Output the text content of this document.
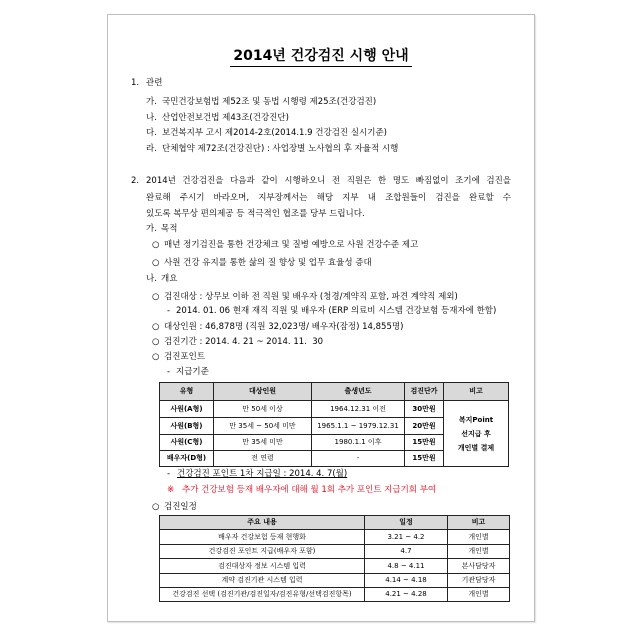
2014년 건강검진 시행 안내
1. 관련
가. 국민건강보험법 제52조 및 동법 시행령 제25조(건강검진)
나. 산업안전보건법 제43조(건강진단)
다. 보건복지부 고시 제2014-2호(2014.1.9 건강검진 실시기준)
라. 단체협약 제72조(건강진단) : 사업장별 노사협의 후 자율적 시행
2. 2014년 건강검진을 다음과 같이 시행하오니 전 직원은 한 명도 빠짐없이 조기에 검진을
완료해 주시기 바라오며, 지부장께서는 해당 지부 내 조합원들이 검진을 완료할 수
있도록 복무상 편의제공 등 적극적인 협조를 당부 드립니다.
가. 목적
○ 매년 정기검진을 통한 건강체크 및 질병 예방으로 사원 건강수준 제고
○ 사원 건강 유지를 통한 삶의 질 향상 및 업무 효율성 증대
나. 개요
○ 검진대상 : 상무보 이하 전 직원 및 배우자 (청경/계약직 포함, 파견 계약직 제외)
- 2014. 01. 06 현재 재직 직원 및 배우자 (ERP 의료비 시스템 건강보험 등재자에 한함)
○ 대상인원 : 46,878명 (직원 32,023명/ 배우자(잠정) 14,855명)
○ 검진기간 : 2014. 4. 21 ~ 2014. 11.  30
○ 검진포인트
- 지급기준
유형	대상인원	출생년도	검진단가	비고
사원(A형)	만 50세 이상	1964.12.31 이전	30만원	복지Point
선지급 후
개인별 결제

사원(B형)	만 35세 ~ 50세 미만	1965.1.1 ~ 1979.12.31	20만원	
사원(C형)	만 35세 미만	1980.1.1 이후	15만원	
배우자(D형)	전 연령	-	15만원	
- 건강검진 포인트 1차 지급일 : 2014. 4. 7(월)
※ 추가 건강보험 등재 배우자에 대해 월 1회 추가 포인트 지급기회 부여
○ 검진일정
주요 내용	일정	비고
배우자 건강보험 등재 현행화	3.21 ~ 4.2	개인별
건강검진 포인트 지급(배우자 포함)	4.7	개인별
검진대상자 정보 시스템 입력	4.8 ~ 4.11	본사담당자
계약 검진기관 시스템 입력	4.14 ~ 4.18	기관담당자
건강검진 선택 (검진기관/검진일자/검진유형/선택검진항목)	4.21 ~ 4.28	개인별
